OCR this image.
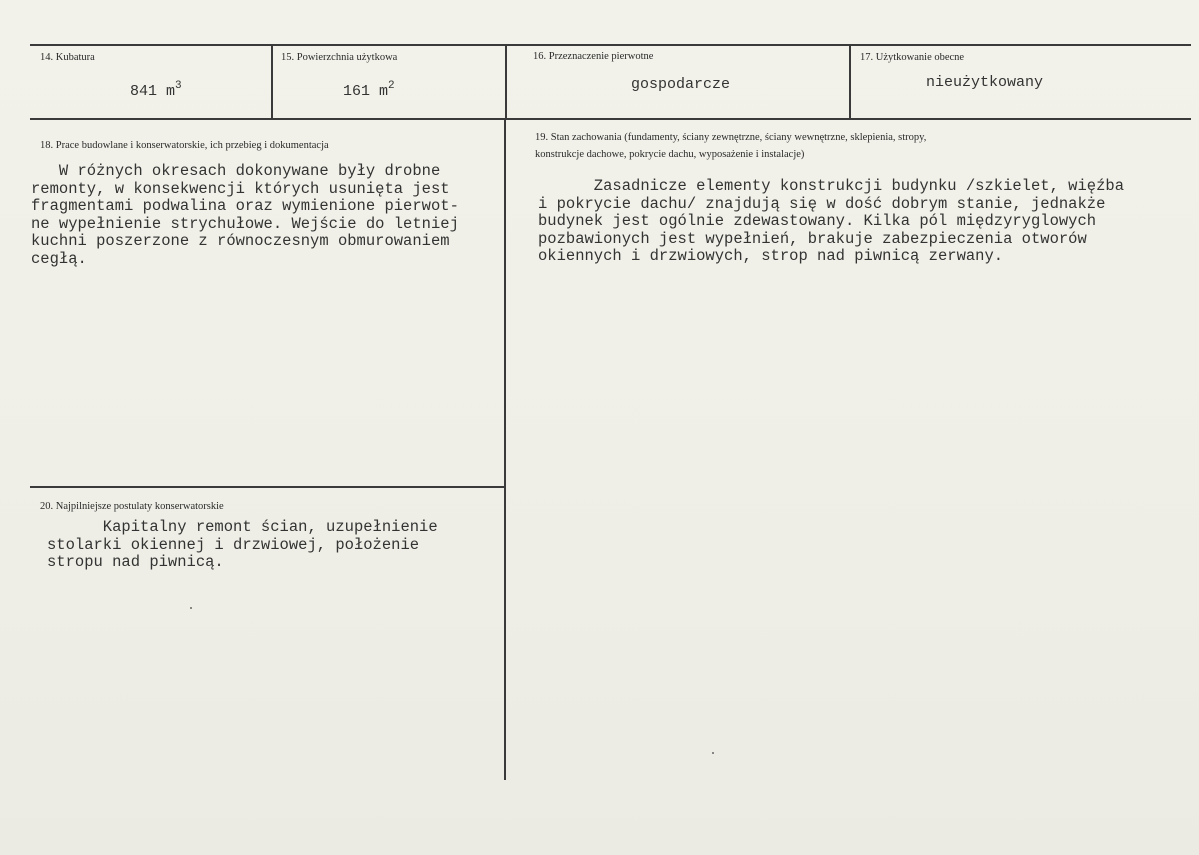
14. Kubatura
841 $m^3$
15. Powierzchnia użytkowa
161 $m^2$
16. Przeznaczenie pierwotne
gospodarcze
17. Użytkowanie obecne
nieużytkowany
18. Prace budowlane i konserwatorskie, ich przebieg i dokumentacja
W różnych okresach dokonywane były drobne
remonty, w konsekwencji których usunięta jest
fragmentami podwalina oraz wymienione pierwot-
ne wypełnienie strychułowe. Wejście do letniej
kuchni poszerzone z równoczesnym obmurowaniem
cegłą.
19. Stan zachowania (fundamenty, ściany zewnętrzne, ściany wewnętrzne, sklepienia, stropy,
konstrukcje dachowe, pokrycie dachu, wyposażenie i instalacje)
Zasadnicze elementy konstrukcji budynku /szkielet, więźba
i pokrycie dachu/ znajdują się w dość dobrym stanie, jednakże
budynek jest ogólnie zdewastowany. Kilka pól międzyryglowych
pozbawionych jest wypełnień, brakuje zabezpieczenia otworów
okiennych i drzwiowych, strop nad piwnicą zerwany.
20. Najpilniejsze postulaty konserwatorskie
Kapitalny remont ścian, uzupełnienie
stolarki okiennej i drzwiowej, położenie
stropu nad piwnicą.
